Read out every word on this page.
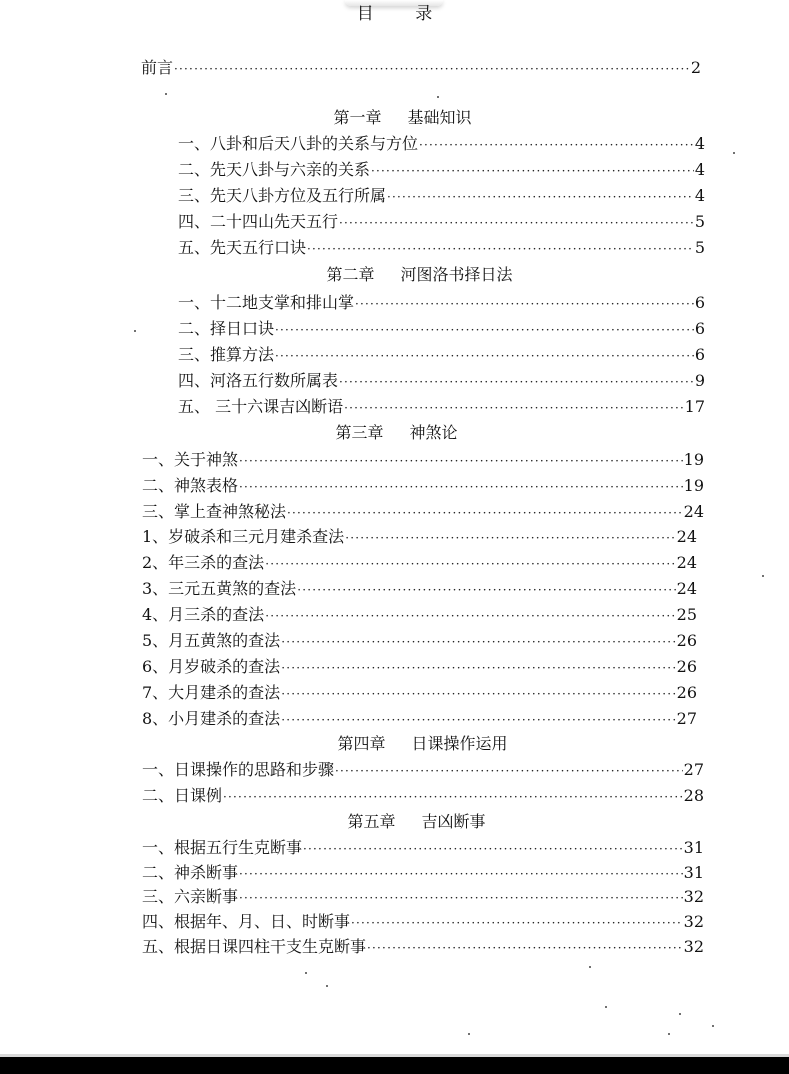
目 录
前言 ·····	2
第一章 基础知识
一、八卦和后天八卦的关系与方位 ·····	4
二、先天八卦与六亲的关系 ·····	4
三、先天八卦方位及五行所属 ·····	4
四、二十四山先天五行 ·····	5
五、先天五行口诀 ·····	5
第二章 河图洛书择日法
一、十二地支掌和排山掌 ·····	6
二、择日口诀 ·····	6
三、推算方法 ·····	6
四、河洛五行数所属表 ·····	9
五、 三十六课吉凶断语 ·····	17
第三章 神煞论
一、关于神煞 ·····	19
二、神煞表格 ·····	19
三、掌上查神煞秘法 ·····	24
1、岁破杀和三元月建杀查法 ·····	24
2、年三杀的查法 ·····	24
3、三元五黄煞的查法 ·····	24
4、月三杀的查法 ·····	25
5、月五黄煞的查法 ·····	26
6、月岁破杀的查法 ·····	26
7、大月建杀的查法 ·····	26
8、小月建杀的查法 ·····	27
第四章 日课操作运用
一、日课操作的思路和步骤 ·····	27
二、日课例 ·····	28
第五章 吉凶断事
一、根据五行生克断事 ·····	31
二、神杀断事 ·····	31
三、六亲断事 ·····	32
四、根据年、月、日、时断事 ·····	32
五、根据日课四柱干支生克断事 ·····	32
